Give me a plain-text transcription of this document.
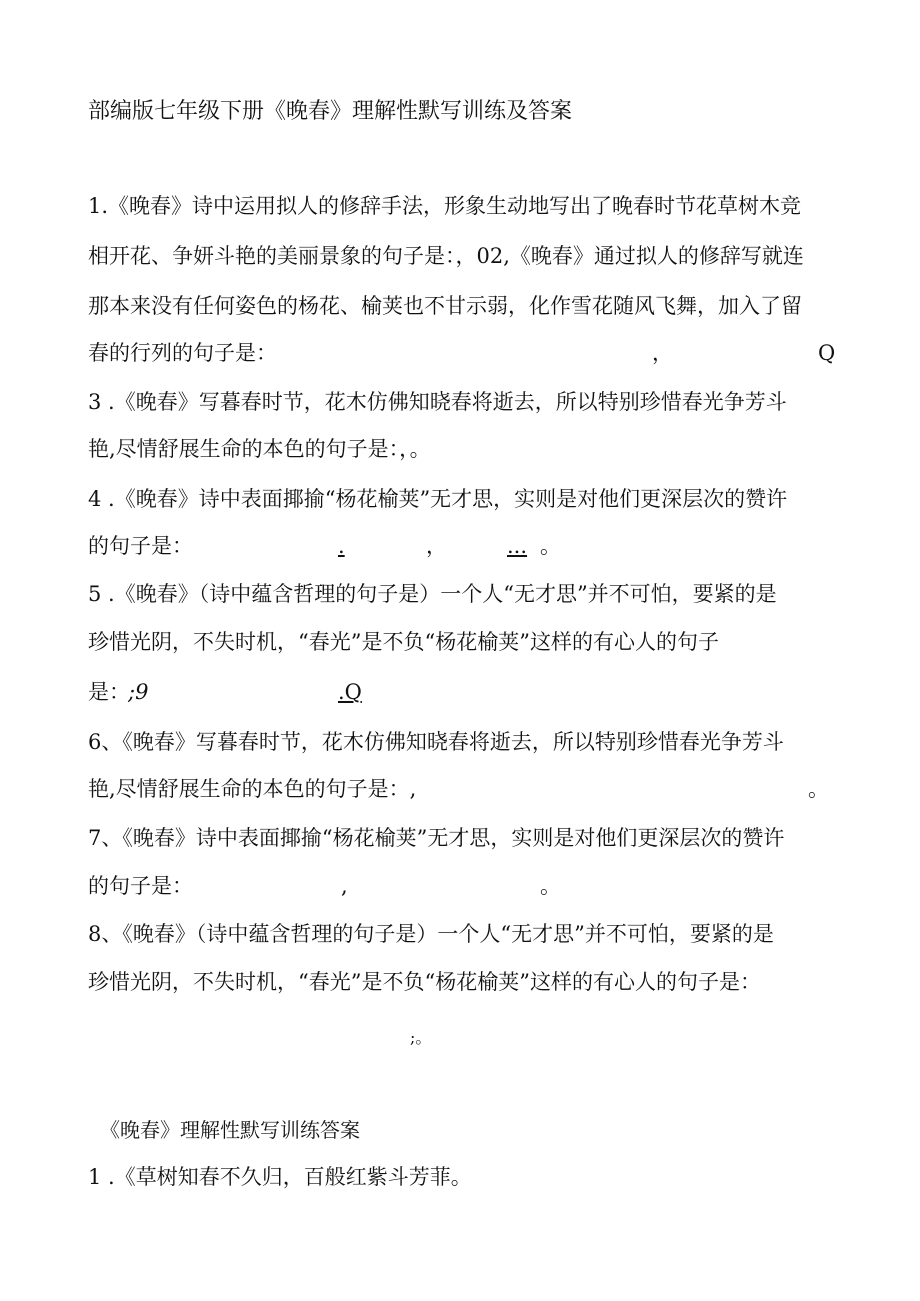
部编版七年级下册《晚春》理解性默写训练及答案
1.《晚春》诗中运用拟人的修辞手法，形象生动地写出了晚春时节花草树木竞
相开花、争妍斗艳的美丽景象的句子是：，02,《晚春》通过拟人的修辞写就连
那本来没有任何姿色的杨花、榆荚也不甘示弱，化作雪花随风飞舞，加入了留
春的行列的句子是：	，	Q
3 .《晚春》写暮春时节，花木仿佛知晓春将逝去，所以特别珍惜春光争芳斗
艳,尽情舒展生命的本色的句子是：，。
4 .《晚春》诗中表面揶揄“杨花榆荚”无才思，实则是对他们更深层次的赞许
的句子是：	.	，	... 。
5 .《晚春》（诗中蕴含哲理的句子是）一个人“无才思”并不可怕，要紧的是
珍惜光阴，不失时机，“春光”是不负“杨花榆荚”这样的有心人的句子
是：
;9	.Q
6、《晚春》写暮春时节，花木仿佛知晓春将逝去，所以特别珍惜春光争芳斗
艳,尽情舒展生命的本色的句子是：,	。
7、《晚春》诗中表面揶揄“杨花榆荚”无才思，实则是对他们更深层次的赞许
的句子是：	,	。
8、《晚春》（诗中蕴含哲理的句子是）一个人“无才思”并不可怕，要紧的是
珍惜光阴，不失时机，“春光”是不负“杨花榆荚”这样的有心人的句子是：
;。
《晚春》理解性默写训练答案
1 .《草树知春不久归，百般红紫斗芳菲。
